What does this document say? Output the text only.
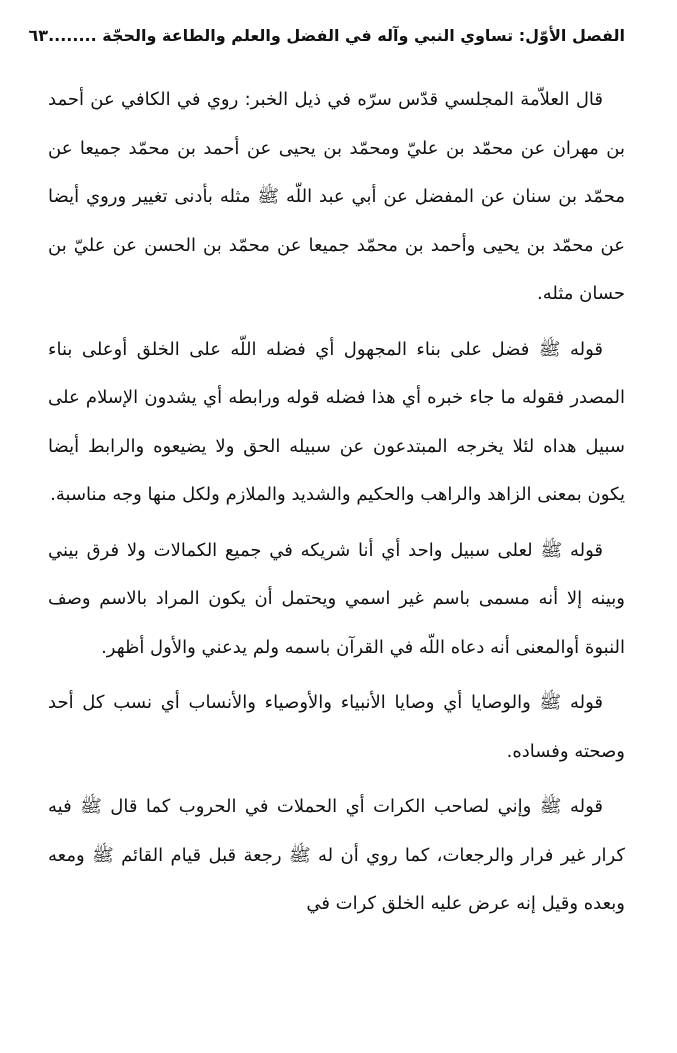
الفصل الأوّل: تساوي النبي وآله في الفضل والعلم والطاعة والحجّة ........
٦٣

قال العلاّمة المجلسي قدّس سرّه في ذيل الخبر: روي في الكافي عن أحمد بن مهران عن محمّد بن عليّ ومحمّد بن يحيى عن أحمد بن محمّد جميعا عن محمّد بن سنان عن المفضل عن أبي عبد اللّه ﷺ مثله بأدنى تغيير وروي أيضا عن محمّد بن يحيى وأحمد بن محمّد جميعا عن محمّد بن الحسن عن عليّ بن حسان مثله.

قوله ﷺ فضل على بناء المجهول أي فضله اللّه على الخلق أوعلى بناء المصدر فقوله ما جاء خبره أي هذا فضله قوله ورابطه أي يشدون الإسلام على سبيل هداه لئلا يخرجه المبتدعون عن سبيله الحق ولا يضيعوه والرابط أيضا يكون بمعنى الزاهد والراهب والحكيم والشديد والملازم ولكل منها وجه مناسبة.

قوله ﷺ لعلى سبيل واحد أي أنا شريكه في جميع الكمالات ولا فرق بيني وبينه إلا أنه مسمى باسم غير اسمي ويحتمل أن يكون المراد بالاسم وصف النبوة أوالمعنى أنه دعاه اللّه في القرآن باسمه ولم يدعني والأول أظهر.

قوله ﷺ والوصايا أي وصايا الأنبياء والأوصياء والأنساب أي نسب كل أحد وصحته وفساده.

قوله ﷺ وإني لصاحب الكرات أي الحملات في الحروب كما قال ﷺ فيه كرار غير فرار والرجعات، كما روي أن له ﷺ رجعة قبل قيام القائم ﷺ ومعه وبعده وقيل إنه عرض عليه الخلق كرات في
